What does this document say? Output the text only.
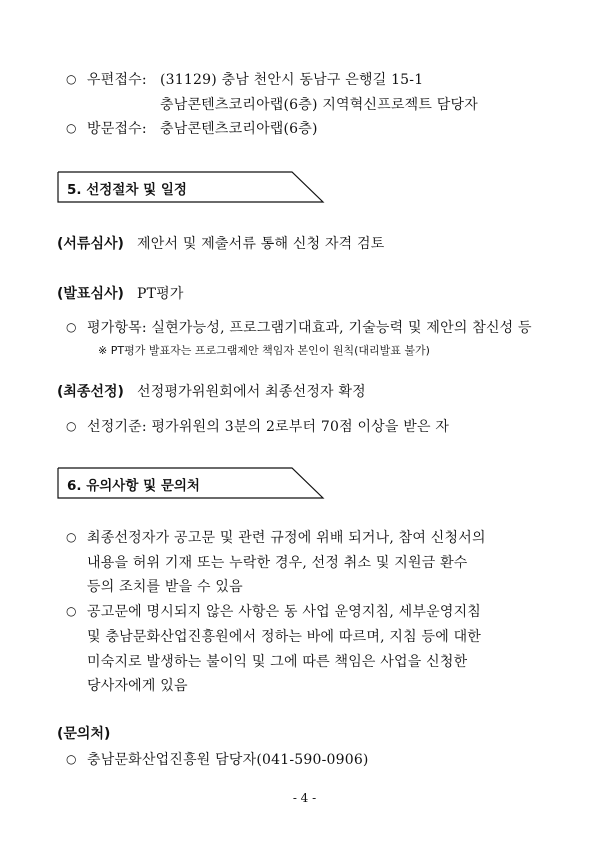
○ 우편접수: (31129) 충남 천안시 동남구 은행길 15-1
충남콘텐츠코리아랩(6층) 지역혁신프로젝트 담당자
○ 방문접수: 충남콘텐츠코리아랩(6층)
5. 선정절차 및 일정
(서류심사) 제안서 및 제출서류 통해 신청 자격 검토
(발표심사) PT평가
○ 평가항목: 실현가능성, 프로그램기대효과, 기술능력 및 제안의 참신성 등
※ PT평가 발표자는 프로그램제안 책임자 본인이 원칙(대리발표 불가)
(최종선정) 선정평가위원회에서 최종선정자 확정
○ 선정기준: 평가위원의 3분의 2로부터 70점 이상을 받은 자
6. 유의사항 및 문의처
○ 최종선정자가 공고문 및 관련 규정에 위배 되거나, 참여 신청서의
내용을 허위 기재 또는 누락한 경우, 선정 취소 및 지원금 환수
등의 조치를 받을 수 있음
○ 공고문에 명시되지 않은 사항은 동 사업 운영지침, 세부운영지침
및 충남문화산업진흥원에서 정하는 바에 따르며, 지침 등에 대한
미숙지로 발생하는 불이익 및 그에 따른 책임은 사업을 신청한
당사자에게 있음
(문의처)
○ 충남문화산업진흥원 담당자(041-590-0906)
- 4 -
